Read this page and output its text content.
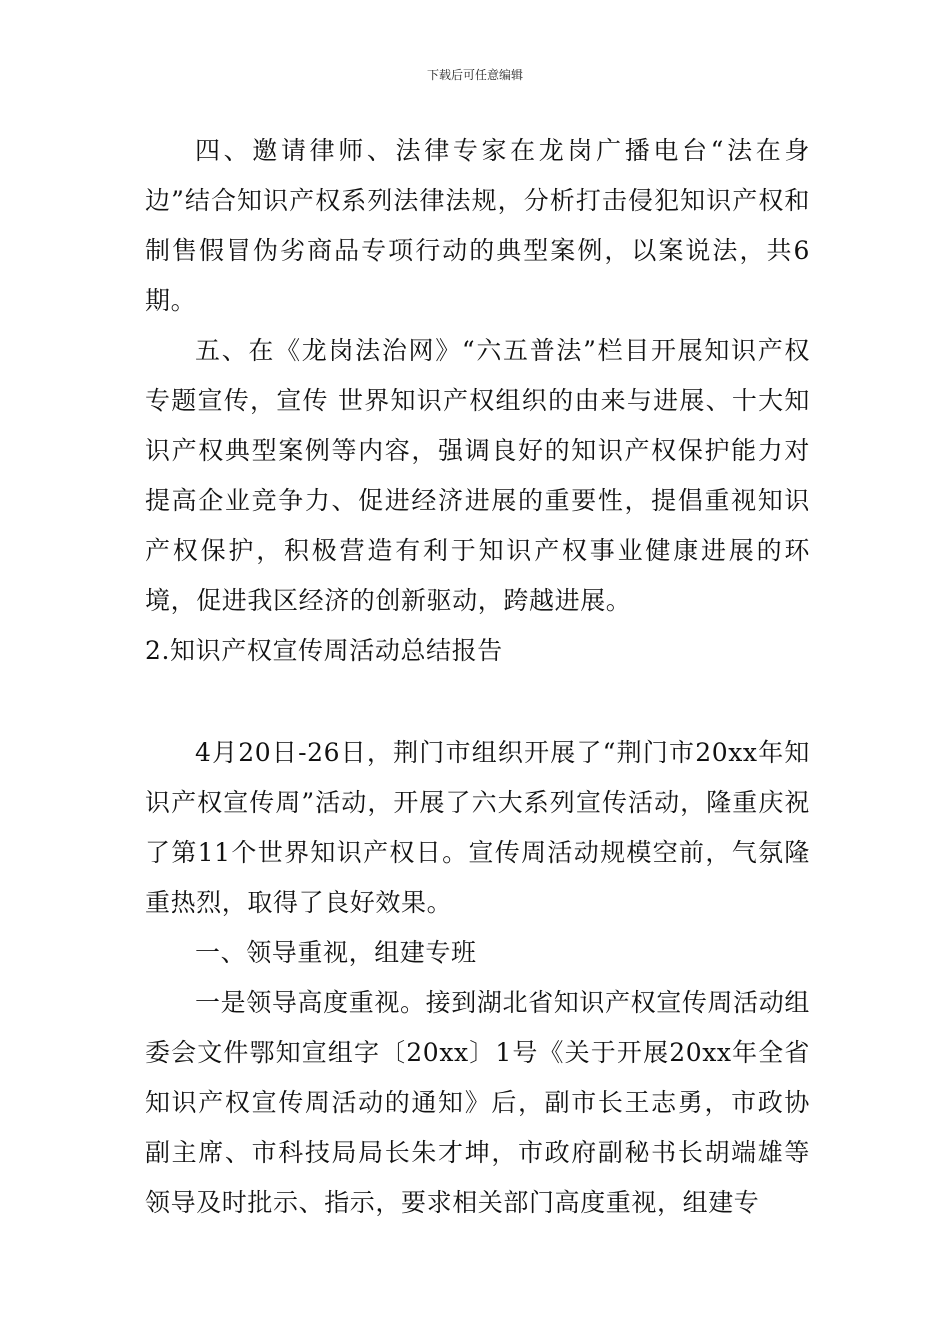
下载后可任意编辑

四、邀请律师、法律专家在龙岗广播电台“法在身边”结合知识产权系列法律法规，分析打击侵犯知识产权和制售假冒伪劣商品专项行动的典型案例，以案说法，共6期。

五、在《龙岗法治网》“六五普法”栏目开展知识产权专题宣传，宣传 世界知识产权组织的由来与进展、十大知识产权典型案例等内容，强调良好的知识产权保护能力对提高企业竞争力、促进经济进展的重要性，提倡重视知识产权保护，积极营造有利于知识产权事业健康进展的环境，促进我区经济的创新驱动，跨越进展。

2.知识产权宣传周活动总结报告

4月20日-26日，荆门市组织开展了“荆门市20xx年知识产权宣传周”活动，开展了六大系列宣传活动，隆重庆祝了第11个世界知识产权日。宣传周活动规模空前，气氛隆重热烈，取得了良好效果。

一、领导重视，组建专班

一是领导高度重视。接到湖北省知识产权宣传周活动组委会文件鄂知宣组字〔20xx〕1号《关于开展20xx年全省知识产权宣传周活动的通知》后，副市长王志勇，市政协副主席、市科技局局长朱才坤，市政府副秘书长胡端雄等领导及时批示、指示，要求相关部门高度重视，组建专
